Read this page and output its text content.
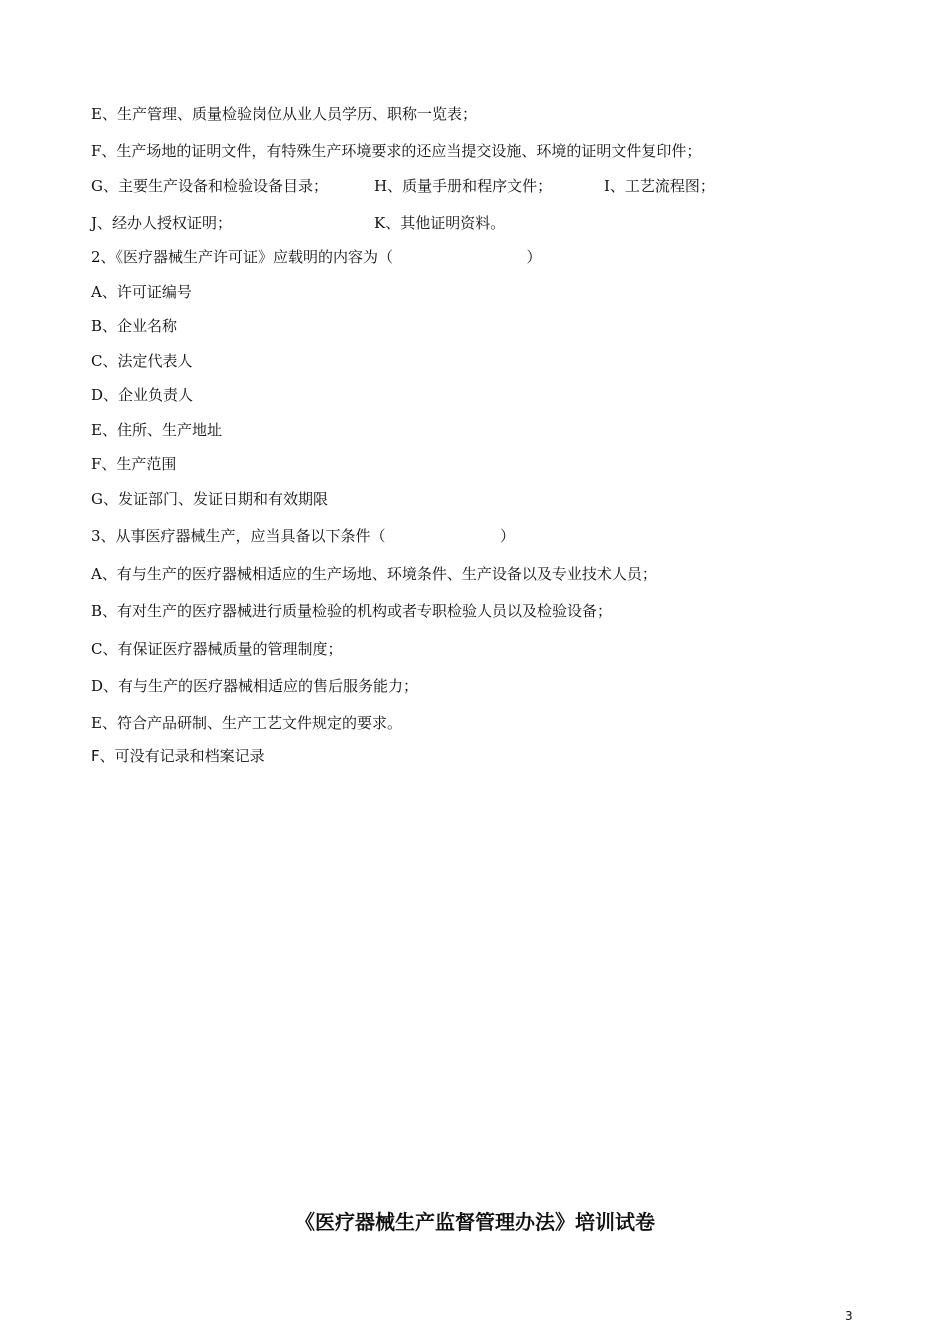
E、生产管理、质量检验岗位从业人员学历、职称一览表；
F、生产场地的证明文件，有特殊生产环境要求的还应当提交设施、环境的证明文件复印件；

G、主要生产设备和检验设备目录；

	H、质量手册和程序文件；

	I、工艺流程图；

J、经办人授权证明；

	K、其他证明资料。

2、《医疗器械生产许可证》应载明的内容为（                            ）
A、许可证编号
B、企业名称
C、法定代表人
D、企业负责人
E、住所、生产地址
F、生产范围
G、发证部门、发证日期和有效期限
3、从事医疗器械生产，应当具备以下条件（                        ）
A、有与生产的医疗器械相适应的生产场地、环境条件、生产设备以及专业技术人员；
B、有对生产的医疗器械进行质量检验的机构或者专职检验人员以及检验设备；
C、有保证医疗器械质量的管理制度；
D、有与生产的医疗器械相适应的售后服务能力；
E、符合产品研制、生产工艺文件规定的要求。
F、可没有记录和档案记录
《医疗器械生产监督管理办法》培训试卷
3
